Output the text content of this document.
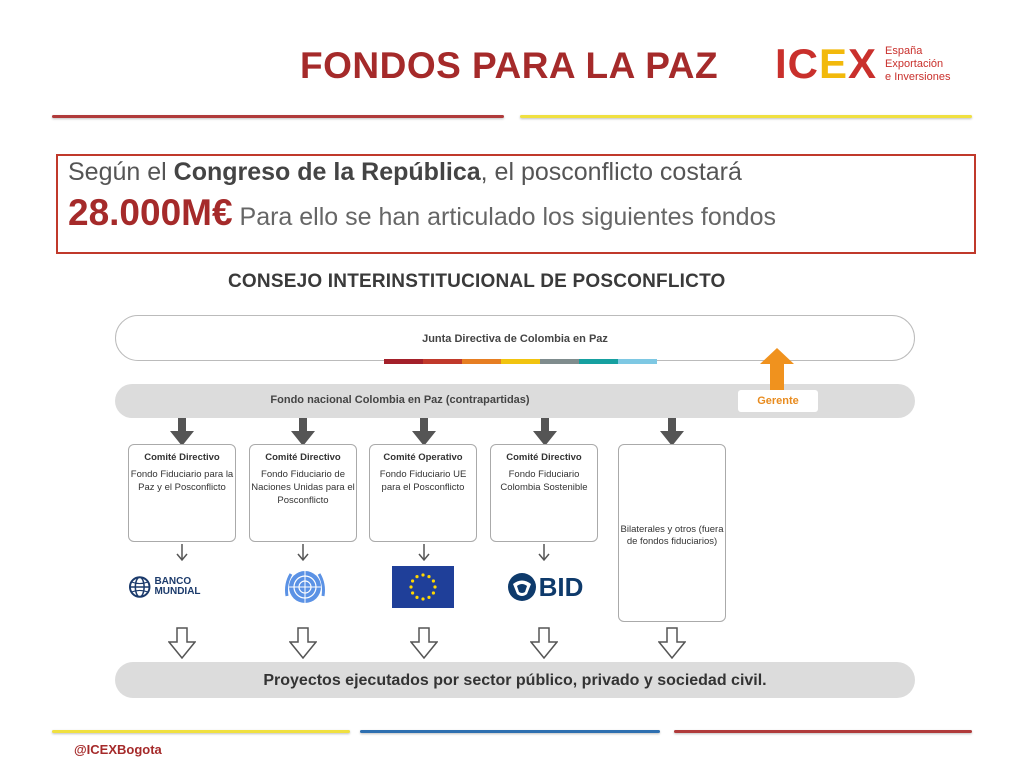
FONDOS PARA LA PAZ ICEX España
Exportación
e Inversiones
Según el Congreso de la República, el posconflicto costará
28.000M€ Para ello se han articulado los siguientes fondos
CONSEJO INTERINSTITUCIONAL DE POSCONFLICTO
Junta Directiva de Colombia en Paz
Fondo nacional Colombia en Paz (contrapartidas)	Gerente
Comité Directivo
Fondo Fiduciario para la Paz y el Posconflicto
Comité Directivo
Fondo Fiduciario de Naciones Unidas para el Posconflicto
Comité Operativo
Fondo Fiduciario UE para el Posconflicto
Comité Directivo
Fondo Fiduciario Colombia Sostenible
Bilaterales y otros (fuera de fondos fiduciarios)
BANCO MUNDIAL	BID
Proyectos ejecutados por sector público, privado y sociedad civil.
@ICEXBogota
